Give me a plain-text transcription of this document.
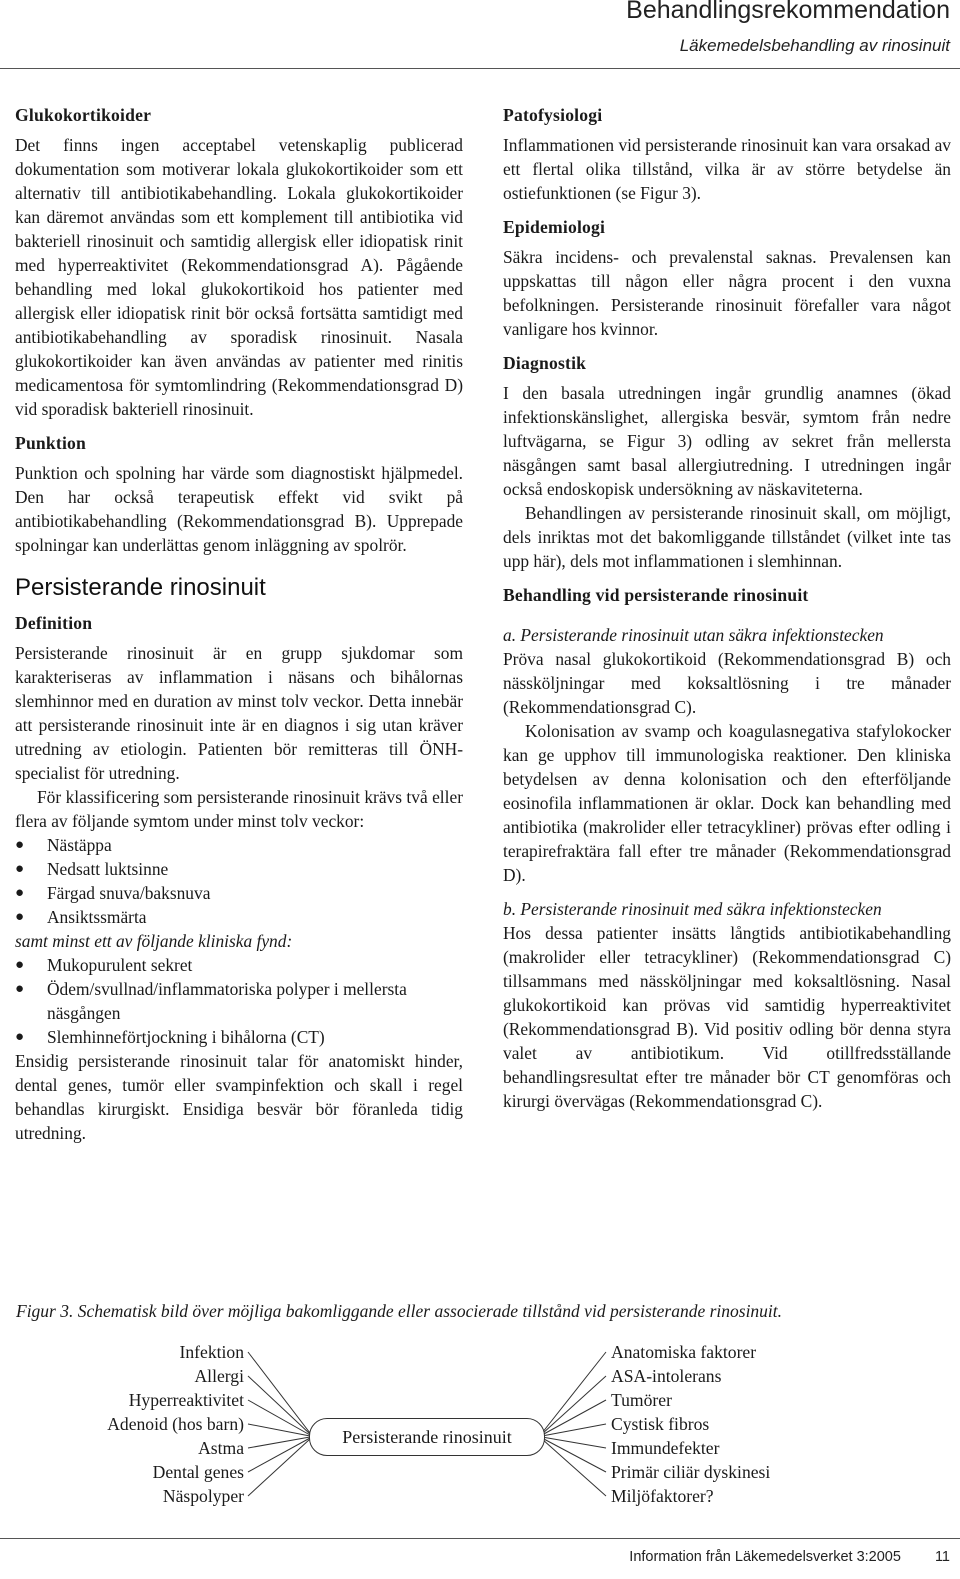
Behandlingsrekommendation
Läkemedelsbehandling av rinosinuit
Glukokortikoider

Det finns ingen acceptabel vetenskaplig publicerad dokumentation som motiverar lokala glukokortikoider som ett alternativ till antibiotikabehandling. Lokala glukokortikoider kan däremot användas som ett komplement till antibiotika vid bakteriell rinosinuit och samtidig allergisk eller idiopatisk rinit med hyperreaktivitet (Rekommendationsgrad A). Pågående behandling med lokal glukokortikoid hos patienter med allergisk eller idiopatisk rinit bör också fortsätta samtidigt med antibiotikabehandling av sporadisk rinosinuit. Nasala glukokortikoider kan även användas av patienter med rinitis medicamentosa för symtomlindring (Rekommendationsgrad D) vid sporadisk bakteriell rinosinuit.

Punktion

Punktion och spolning har värde som diagnostiskt hjälpmedel. Den har också terapeutisk effekt vid svikt på antibiotikabehandling (Rekommendationsgrad B). Upprepade spolningar kan underlättas genom inläggning av spolrör.

Persisterande rinosinuit
Definition

Persisterande rinosinuit är en grupp sjukdomar som karakteriseras av inflammation i näsans och bihålornas slemhinnor med en duration av minst tolv veckor. Detta innebär att persisterande rinosinuit inte är en diagnos i sig utan kräver utredning av etiologin. Patienten bör remitteras till ÖNH-specialist för utredning.

För klassificering som persisterande rinosinuit krävs två eller flera av följande symtom under minst tolv veckor:

● Nästäppa
● Nedsatt luktsinne
● Färgad snuva/baksnuva
● Ansiktssmärta

samt minst ett av följande kliniska fynd:

● Mukopurulent sekret
● Ödem/svullnad/inflammatoriska polyper i mellersta näsgången
● Slemhinneförtjockning i bihålorna (CT)

Ensidig persisterande rinosinuit talar för anatomiskt hinder, dental genes, tumör eller svampinfektion och skall i regel behandlas kirurgiskt. Ensidiga besvär bör föranleda tidig utredning.

Patofysiologi

Inflammationen vid persisterande rinosinuit kan vara orsakad av ett flertal olika tillstånd, vilka är av större betydelse än ostiefunktionen (se Figur 3).

Epidemiologi

Säkra incidens- och prevalenstal saknas. Prevalensen kan uppskattas till någon eller några procent i den vuxna befolkningen. Persisterande rinosinuit förefaller vara något vanligare hos kvinnor.

Diagnostik

I den basala utredningen ingår grundlig anamnes (ökad infektionskänslighet, allergiska besvär, symtom från nedre luftvägarna, se Figur 3) odling av sekret från mellersta näsgången samt basal allergiutredning. I utredningen ingår också endoskopisk undersökning av näskaviteterna.

Behandlingen av persisterande rinosinuit skall, om möjligt, dels inriktas mot det bakomliggande tillståndet (vilket inte tas upp här), dels mot inflammationen i slemhinnan.

Behandling vid persisterande rinosinuit

a. Persisterande rinosinuit utan säkra infektionstecken

Pröva nasal glukokortikoid (Rekommendationsgrad B) och nässköljningar med koksaltlösning i tre månader (Rekommendationsgrad C).

Kolonisation av svamp och koagulasnegativa stafylokocker kan ge upphov till immunologiska reaktioner. Den kliniska betydelsen av denna kolonisation och den efterföljande eosinofila inflammationen är oklar. Dock kan behandling med antibiotika (makrolider eller tetracykliner) prövas efter odling i terapirefraktära fall efter tre månader (Rekommendationsgrad D).

b. Persisterande rinosinuit med säkra infektionstecken

Hos dessa patienter insätts långtids antibiotikabehandling (makrolider eller tetracykliner) (Rekommendationsgrad C) tillsammans med nässköljningar med koksaltlösning. Nasal glukokortikoid kan prövas vid samtidig hyperreaktivitet (Rekommendationsgrad B). Vid positiv odling bör denna styra valet av antibiotikum. Vid otillfredsställande behandlingsresultat efter tre månader bör CT genomföras och kirurgi övervägas (Rekommendationsgrad C).

Figur 3. Schematisk bild över möjliga bakomliggande eller associerade tillstånd vid persisterande rinosinuit.
Infektion
Allergi
Hyperreaktivitet
Adenoid (hos barn)
Astma
Dental genes
Näspolyper
Persisterande rinosinuit
Anatomiska faktorer
ASA-intolerans
Tumörer
Cystisk fibros
Immundefekter
Primär ciliär dyskinesi
Miljöfaktorer?
Information från Läkemedelsverket 3:2005 11
